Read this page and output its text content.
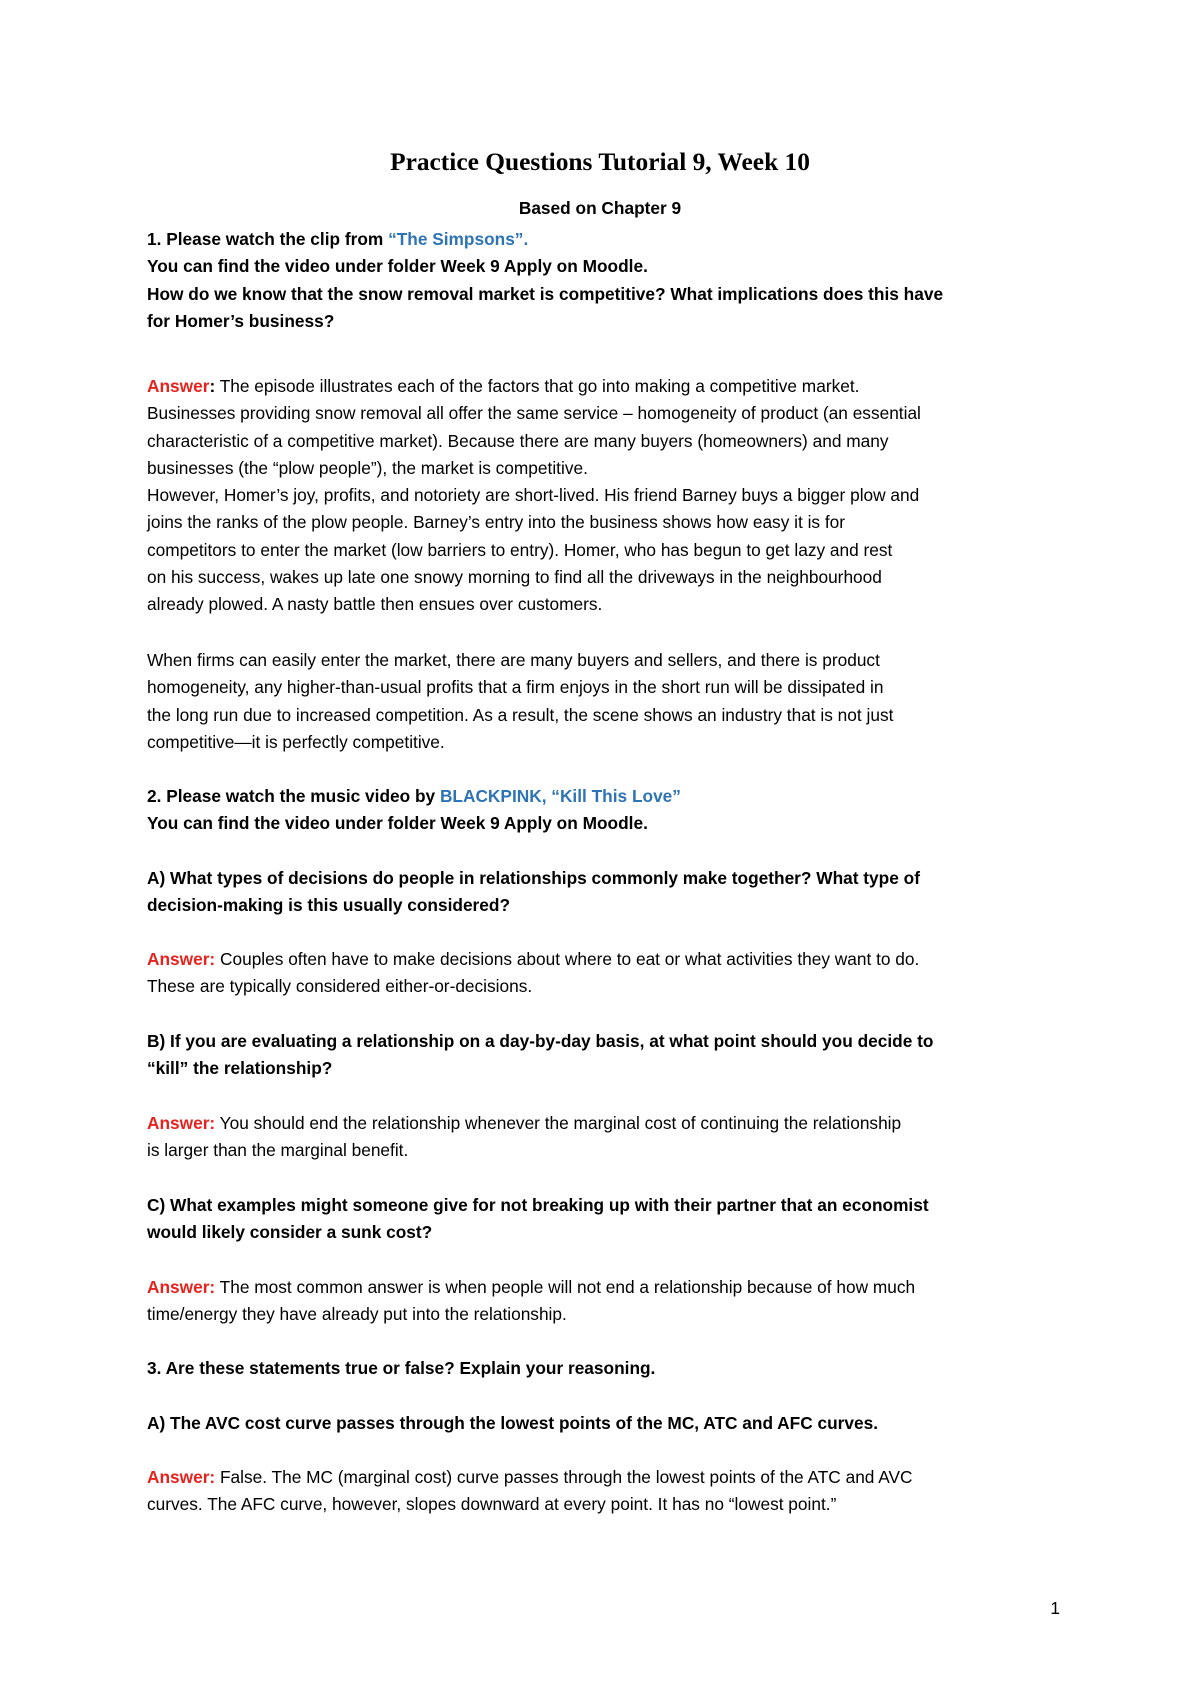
Practice Questions Tutorial 9, Week 10
Based on Chapter 9
1. Please watch the clip from “The Simpsons”.
You can find the video under folder Week 9 Apply on Moodle.
How do we know that the snow removal market is competitive? What implications does this have
for Homer’s business?
Answer: The episode illustrates each of the factors that go into making a competitive market.
Businesses providing snow removal all offer the same service – homogeneity of product (an essential
characteristic of a competitive market). Because there are many buyers (homeowners) and many
businesses (the “plow people”), the market is competitive.
However, Homer’s joy, profits, and notoriety are short-lived. His friend Barney buys a bigger plow and
joins the ranks of the plow people. Barney’s entry into the business shows how easy it is for
competitors to enter the market (low barriers to entry). Homer, who has begun to get lazy and rest
on his success, wakes up late one snowy morning to find all the driveways in the neighbourhood
already plowed. A nasty battle then ensues over customers.
When firms can easily enter the market, there are many buyers and sellers, and there is product
homogeneity, any higher-than-usual profits that a firm enjoys in the short run will be dissipated in
the long run due to increased competition. As a result, the scene shows an industry that is not just
competitive—it is perfectly competitive.
2. Please watch the music video by BLACKPINK, “Kill This Love”
You can find the video under folder Week 9 Apply on Moodle.
A) What types of decisions do people in relationships commonly make together? What type of
decision-making is this usually considered?
Answer: Couples often have to make decisions about where to eat or what activities they want to do.
These are typically considered either-or-decisions.
B) If you are evaluating a relationship on a day-by-day basis, at what point should you decide to
“kill” the relationship?
Answer: You should end the relationship whenever the marginal cost of continuing the relationship
is larger than the marginal benefit.
C) What examples might someone give for not breaking up with their partner that an economist
would likely consider a sunk cost?
Answer: The most common answer is when people will not end a relationship because of how much
time/energy they have already put into the relationship.
3. Are these statements true or false? Explain your reasoning.
A) The AVC cost curve passes through the lowest points of the MC, ATC and AFC curves.
Answer: False. The MC (marginal cost) curve passes through the lowest points of the ATC and AVC
curves. The AFC curve, however, slopes downward at every point. It has no “lowest point.”
1
